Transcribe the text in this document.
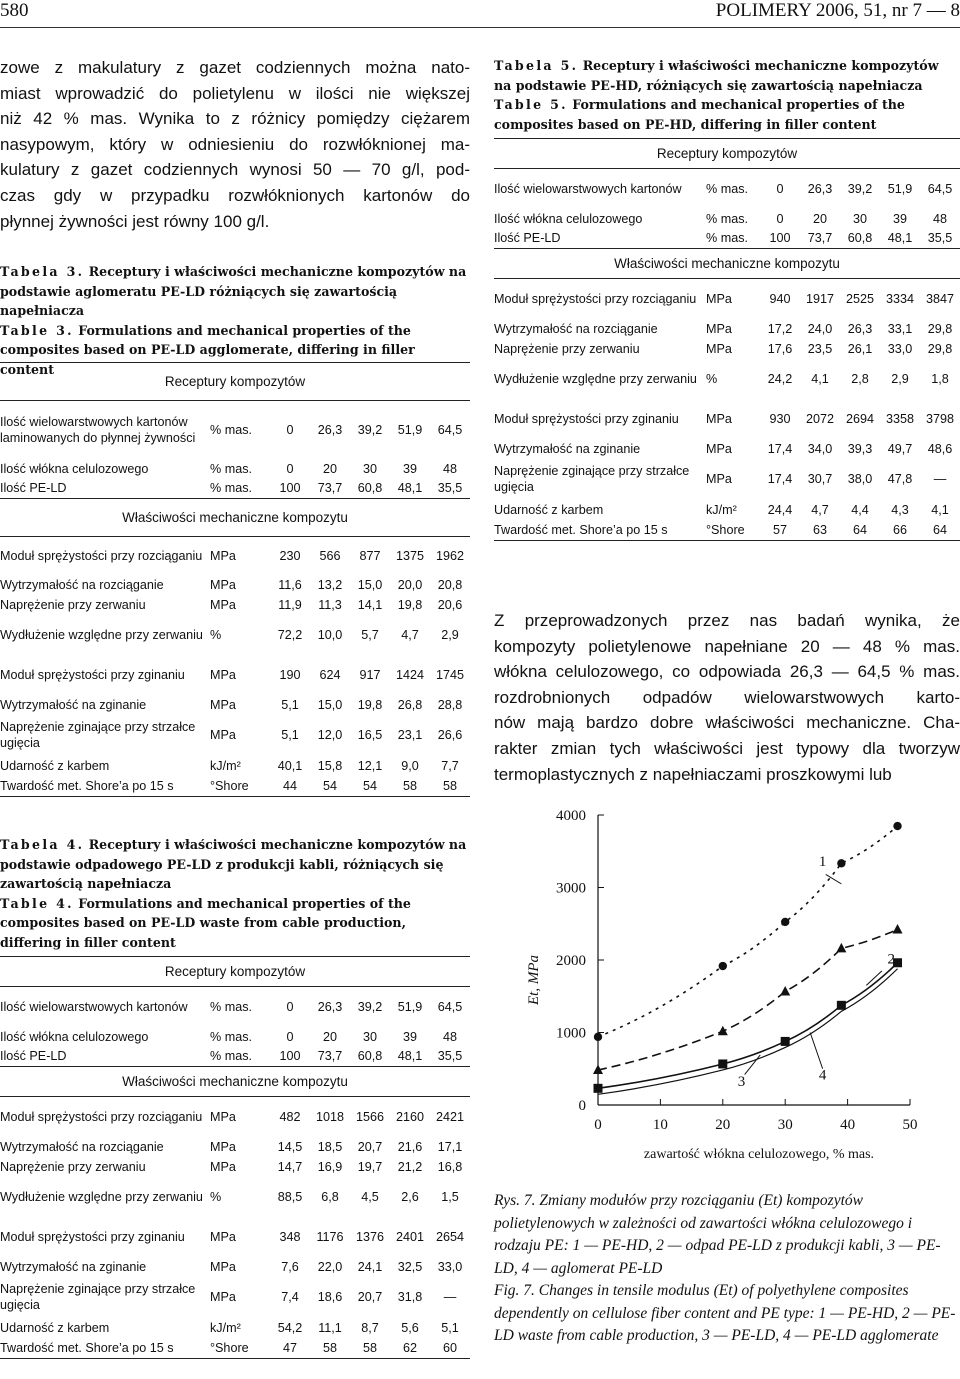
580	POLIMERY 2006, 51, nr 7 — 8
zowe z makulatury z gazet codziennych można nato-
miast wprowadzić do polietylenu w ilości nie większej
niż 42 % mas. Wynika to z różnicy pomiędzy ciężarem
nasypowym, który w odniesieniu do rozwłóknionej ma-
kulatury z gazet codziennych wynosi 50 — 70 g/l, pod-
czas gdy w przypadku rozwłóknionych kartonów do
płynnej żywności jest równy 100 g/l.
Tabela 3. Receptury i właściwości mechaniczne kompozytów na podstawie aglomeratu PE-LD różniących się zawartością napełniacza
Table 3. Formulations and mechanical properties of the composites based on PE-LD agglomerate, differing in filler content
Receptury kompozytów						
Ilość wielowarstwowych kartonów laminowanych do płynnej żywności	% mas.	0	26,3	39,2	51,9	64,5
Ilość włókna celulozowego	% mas.	0	20	30	39	48
Ilość PE-LD	% mas.	100	73,7	60,8	48,1	35,5
Właściwości mechaniczne kompozytu						
Moduł sprężystości przy rozciąganiu	MPa	230	566	877	1375	1962
Wytrzymałość na rozciąganie	MPa	11,6	13,2	15,0	20,0	20,8
Naprężenie przy zerwaniu	MPa	11,9	11,3	14,1	19,8	20,6
Wydłużenie względne przy zerwaniu	%	72,2	10,0	5,7	4,7	2,9
Moduł sprężystości przy zginaniu	MPa	190	624	917	1424	1745
Wytrzymałość na zginanie	MPa	5,1	15,0	19,8	26,8	28,8
Naprężenie zginające przy strzałce ugięcia	MPa	5,1	12,0	16,5	23,1	26,6
Udarność z karbem	kJ/m²	40,1	15,8	12,1	9,0	7,7
Twardość met. Shore’a po 15 s	°Shore	44	54	54	58	58
Tabela 4. Receptury i właściwości mechaniczne kompozytów na podstawie odpadowego PE-LD z produkcji kabli, różniących się zawartością napełniacza
Table 4. Formulations and mechanical properties of the composites based on PE-LD waste from cable production, differing in filler content
Receptury kompozytów						
Ilość wielowarstwowych kartonów	% mas.	0	26,3	39,2	51,9	64,5
Ilość włókna celulozowego	% mas.	0	20	30	39	48
Ilość PE-LD	% mas.	100	73,7	60,8	48,1	35,5
Właściwości mechaniczne kompozytu						
Moduł sprężystości przy rozciąganiu	MPa	482	1018	1566	2160	2421
Wytrzymałość na rozciąganie	MPa	14,5	18,5	20,7	21,6	17,1
Naprężenie przy zerwaniu	MPa	14,7	16,9	19,7	21,2	16,8
Wydłużenie względne przy zerwaniu	%	88,5	6,8	4,5	2,6	1,5
Moduł sprężystości przy zginaniu	MPa	348	1176	1376	2401	2654
Wytrzymałość na zginanie	MPa	7,6	22,0	24,1	32,5	33,0
Naprężenie zginające przy strzałce ugięcia	MPa	7,4	18,6	20,7	31,8	—
Udarność z karbem	kJ/m²	54,2	11,1	8,7	5,6	5,1
Twardość met. Shore’a po 15 s	°Shore	47	58	58	62	60
Tabela 5. Receptury i właściwości mechaniczne kompozytów na podstawie PE-HD, różniących się zawartością napełniacza
Table 5. Formulations and mechanical properties of the composites based on PE-HD, differing in filler content
Receptury kompozytów						
Ilość wielowarstwowych kartonów	% mas.	0	26,3	39,2	51,9	64,5
Ilość włókna celulozowego	% mas.	0	20	30	39	48
Ilość PE-LD	% mas.	100	73,7	60,8	48,1	35,5
Właściwości mechaniczne kompozytu						
Moduł sprężystości przy rozciąganiu	MPa	940	1917	2525	3334	3847
Wytrzymałość na rozciąganie	MPa	17,2	24,0	26,3	33,1	29,8
Naprężenie przy zerwaniu	MPa	17,6	23,5	26,1	33,0	29,8
Wydłużenie względne przy zerwaniu	%	24,2	4,1	2,8	2,9	1,8
Moduł sprężystości przy zginaniu	MPa	930	2072	2694	3358	3798
Wytrzymałość na zginanie	MPa	17,4	34,0	39,3	49,7	48,6
Naprężenie zginające przy strzałce ugięcia	MPa	17,4	30,7	38,0	47,8	—
Udarność z karbem	kJ/m²	24,4	4,7	4,4	4,3	4,1
Twardość met. Shore’a po 15 s	°Shore	57	63	64	66	64
Z przeprowadzonych przez nas badań wynika, że
kompozyty polietylenowe napełniane 20 — 48 % mas.
włókna celulozowego, co odpowiada 26,3 — 64,5 % mas.
rozdrobnionych odpadów wielowarstwowych karto-
nów mają bardzo dobre właściwości mechaniczne. Cha-
rakter zmian tych właściwości jest typowy dla tworzyw
termoplastycznych z napełniaczami proszkowymi lub
0	10	20	30	40	50
0
1000
2000
3000
4000
zawartość włókna celulozowego, % mas.
Et, MPa
1
2
3	4
Rys. 7. Zmiany modułów przy rozciąganiu (Et) kompozytów polietylenowych w zależności od zawartości włókna celulozowego i rodzaju PE: 1 — PE-HD, 2 — odpad PE-LD z produkcji kabli, 3 — PE-LD, 4 — aglomerat PE-LD
Fig. 7. Changes in tensile modulus (Et) of polyethylene composites dependently on cellulose fiber content and PE type: 1 — PE-HD, 2 — PE-LD waste from cable production, 3 — PE-LD, 4 — PE-LD agglomerate
